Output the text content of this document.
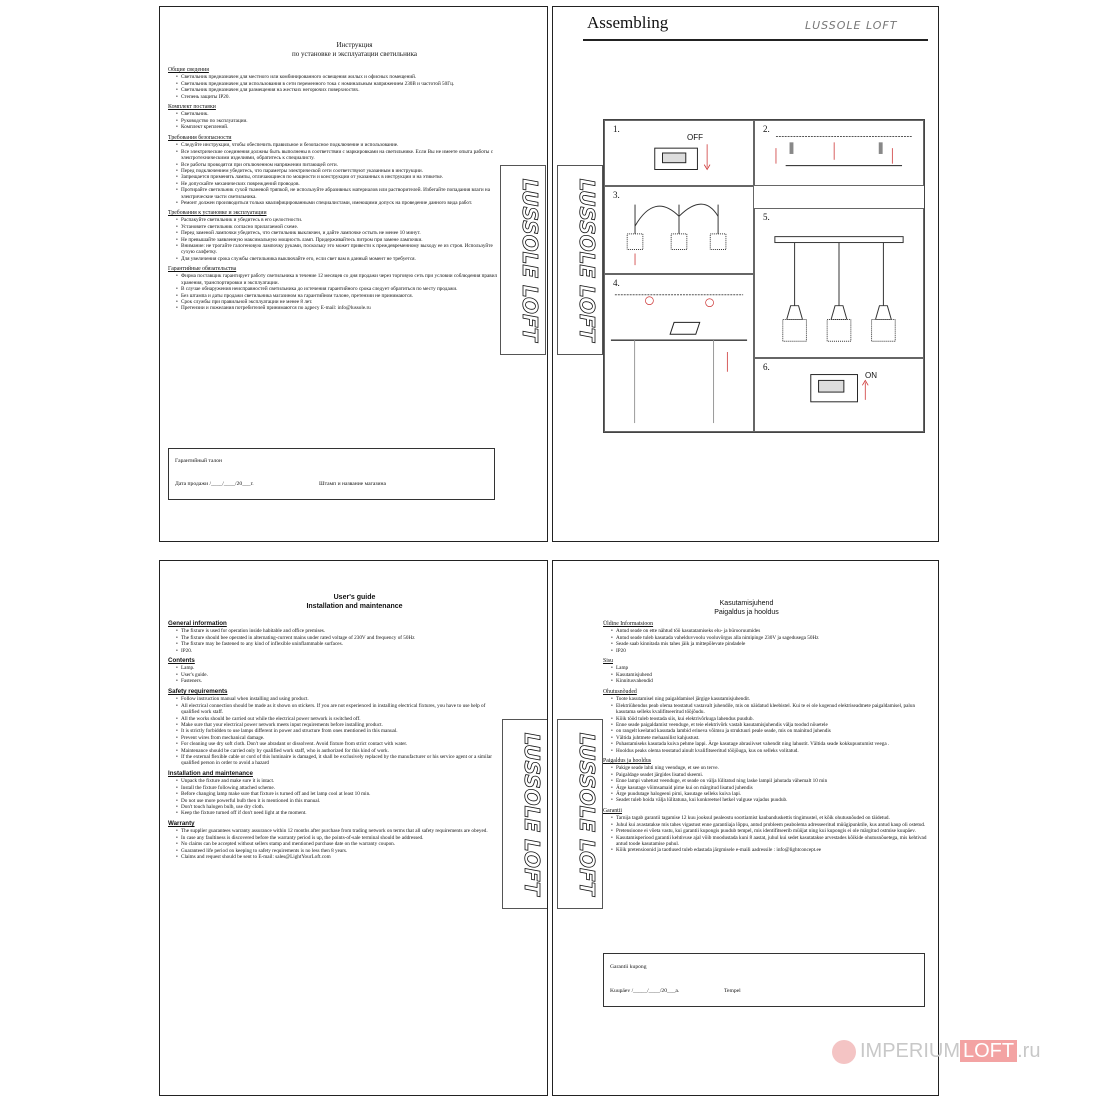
Инструкция
по установке и эксплуатации светильника
Общие сведения
• Светильник предназначен для местного или комбинированного освещения жилых и офисных помещений.
• Светильник предназначен для использования в сети переменного тока с номинальным напряжением 230В и частотой 50Гц.
• Светильник предназначен для размещения на жестких негорючих поверхностях.
• Степень защиты IP20.
Комплект поставки
• Светильник.
• Руководство по эксплуатации.
• Комплект креплений.
Требования безопасности
• Следуйте инструкции, чтобы обеспечить правильное и безопасное подключение и использование.
• Все электрические соединения должны быть выполнены в соответствии с маркировками на светильнике. Если Вы не имеете опыта работы с электротехническими изделиями, обратитесь к специалисту.
• Все работы проводятся при отключенном напряжении питающей сети.
• Перед подключением убедитесь, что параметры электрической сети соответствуют указанным в инструкции.
• Запрещается применять лампы, отличающиеся по мощности и конструкции от указанных в инструкции и на этикетке.
• Не допускайте механических повреждений проводов.
• Протирайте светильник сухой тканевой тряпкой, не используйте абразивных материалов или растворителей. Избегайте попадания влаги на электрические части светильника.
• Ремонт должен производиться только квалифицированными специалистами, имеющими допуск на проведение данного вида работ.
Требования к установке и эксплуатации
• Распакуйте светильник и убедитесь в его целостности.
• Установите светильник согласно прилагаемой схеме.
• Перед заменой лампочки убедитесь, что светильник выключен, и дайте лампочке остыть не менее 10 минут.
• Не превышайте заявленную максимальную мощность ламп. Придерживайтесь питром при замене лампочки.
• Внимание: не трогайте галогеновую лампочку руками, поскольку это может привести к преждевременному выходу ее из строя. Используйте сухую салфетку.
• Для увеличения срока службы светильника выключайте его, если свет вам в данный момент не требуется.
Гарантийные обязательства
• Фирма поставщик гарантирует работу светильника в течение 12 месяцев со дня продажи через торговую сеть при условии соблюдения правил хранения, транспортировки и эксплуатации.
• В случае обнаружения неисправностей светильника до истечения гарантийного срока следует обратиться по месту продажи.
• Без штампа и даты продажи светильника магазином на гарантийном талоне, претензии не принимаются.
• Срок службы при правильной эксплуатации не менее 8 лет.
• Претензии и пожелания потребителей принимаются по адресу E-mail: info@lussole.ru
Гарантийный талон
Дата продажи /____/____/20___г.	Штамп и название магазина
LUSSOLE LOFT LUSSOLE LOFT
Assembling	LUSSOLE LOFT
1.
OFF
2.
3.
5.
4.
6.
ON
User's guide
Installation and maintenance
General information
• The fixture is used for operation inside habitable and office premises.
• The fixture should bee operated in alternating-current mains under rated voltage of 230V and frequency of 50Hz
• The fixture may be fastened to any kind of inflexible uninflammable surfaces.
• IP20.
Contents
• Lamp.
• User's guide.
• Fasteners.
Safety requirements
• Follow instruction manual when installing and using product.
• All electrical connection should be made as it shown on stickers. If you are not experienced in installing electrical fixtures, you have to use help of qualified work staff.
• All the works should be carried out while the electrical power network is switched off.
• Make sure that your electrical power network meets input requirements before installing product.
• It is strictly forbidden to use lamps different in power and structure from ones mentioned in this manual.
• Prevent wires from mechanical damage.
• For cleaning use dry soft cloth. Don't use abradant or dissolvent. Avoid fixture from strict contact with water.
• Maintenance should be carried only by qualified work staff, who is authorized for this kind of work.
• If the external flexible cable or cord of this luminaire is damaged, it shall be exclusively replaced by the manufacturer or his service agent or a similar qualified person in order to avoid a hazard
Installation and maintenance
• Unpack the fixture and make sure it is intact.
• Install the fixture following attached scheme.
• Before changing lamp make sure that fixture is turned off and let lamp cool at least 10 min.
• Do not use more powerful bulb then it is mentioned in this manual.
• Don't touch halogen bulb, use dry cloth.
• Keep the fixture turned off if don't need light at the moment.
Warranty
• The supplier guarantees warranty assurance within 12 months after purchase from trading network on terms that all safety requirements are obeyed.
• In case any faultiness is discovered before the warranty period is up, the points-of-sale terminal should be addressed.
• No claims can be accepted without sellers stamp and mentioned purchase date on the warranty coupon.
• Guaranteed life period on keeping to safety requirements is no less then 8 years.
• Claims and request should be sent to E-mail: sales@LightYourLoft.com	LUSSOLE LOFT
Kasutamisjuhend
Paigaldus ja hooldus
Üldine Informatsioon
• Antud seade on ette nähtud töö kasutatamiseks elu- ja bürooruumides
• Antud seade tuleb kasutada vahelduvvoolu vooluvõrgus alla nimipinge 230V ja sagedusega 50Hz
• Seade saab kinnitada mis tahes jäik ja mittepõlevate pindadele
• IP20
Sisu
• Lamp
• Kasutamisjuhend
• Kinnitusvahendid
Ohutusnõuded
• Toote kasutamisel ning paigaldamisel järgige kasutamisjuhendit.
• Elektriühendus peab olema teostatud vastavalt juhendile, mis on näidatud kleebistel. Kui te ei ole kogenud elektriseadmete paigaldamisel, palun kasutama selleks kvalifitseeritud tööjõudu.
• Kõik tööd tuleb teostada siis, kui elektrivõrkuga lahendus puudub.
• Enne seade paigaldamist veenduge, et teie elektrivõrk vastab kasutamisjuhendis välja toodud nõuetele
• on rangelt keelatud kasutada lambid erineva võimsu ja struktuuri peale seade, mis on mainitud juhendis
• Vältida juhtmete mehaanilist kahjustust.
• Puhastamiseks kasutada kuiva pehme lappi. Ärge kasutage abrasiivset vahendit ning lahustit. Vältida seade kokkupuutumist veega .
• Hooldus peaks olema teostatud ainult kvalifitseeritud tööjõuga, kus on selleks volitatud.
Paigaldus ja hooldus
• Pakige seade lahti ning veenduge, et see on terve.
• Paigaldage seadet järgides lisatud skeemi.
• Enne lampi vahetust veenduge, et seade on välja lülitatud ning laske lampil jahutada vähemalt 10 min
• Ärge kasutage võimsamaid pirne kui on märgitud lisatud juhendis
• Ärge puudutage halogeeni pirni, kasutage selleks kuiva lapi.
• Seadet tuleb hoida välja lülitatuna, kui konkreetsel hetkel valguse vajadus puudub.
Garantii
• Tarnija tagab garantii tagamise 12 kuu jooksul pealeostu soortiamist kaubanduskettis tingimustel, et kõik ohutusnõuded on täidetud.
• Juhul kui avastatakse mis tahes vigastust enne garantiiaja lõppu, antud probleem peabolema adresseeritud müügipunktile, kus antud kaup oli ostetud.
• Pretensioone ei võeta vastu, kui garantii kupongis puudub tempel, mis identifitseerib müüjat ning kui kupongis ei ole märgitud ostmise kuupäev.
• Kasutamisperiood garantii kehtivuse ajal võib moodustada kuni 8 aastat, juhul kui sedet kasutatakse arvestades kõikide ohutusnõuetega, mis kehtivad antud toode kasutamise puhul.
• Kõik pretensioonid ja taotlused tuleb edastada järgmisele e-maili aadressile : info@lightconcept.ee
Garantii kupong
Kuupäev /_____/____/20___a.	Tempel
LUSSOLE LOFT
IMPERIUM LOFT .ru
